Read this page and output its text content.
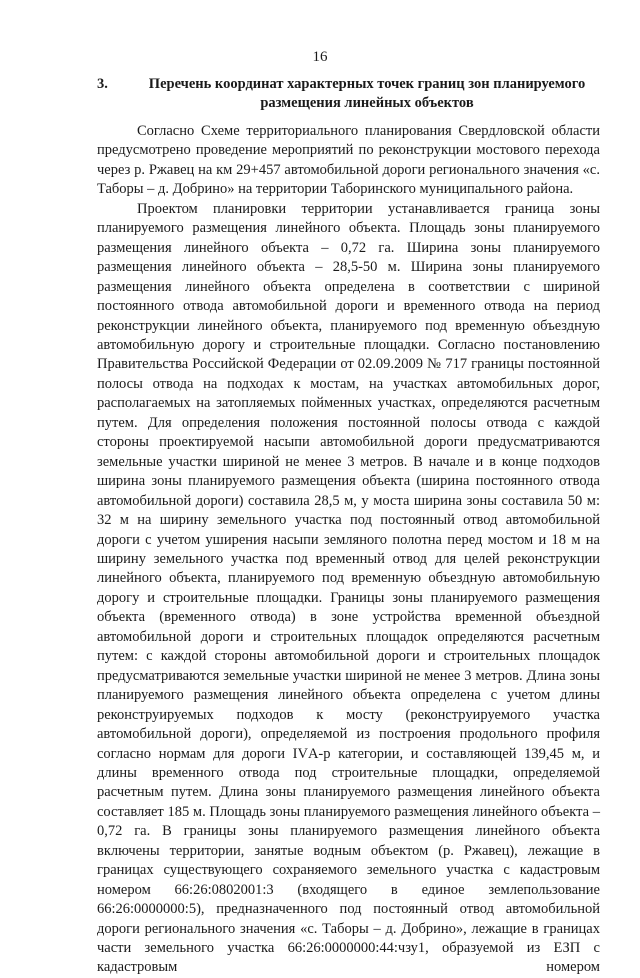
16
3.	Перечень координат характерных точек границ зон планируемого размещения линейных объектов

Согласно Схеме территориального планирования Свердловской области предусмотрено проведение мероприятий по реконструкции мостового перехода через р. Ржавец на км 29+457 автомобильной дороги регионального значения «с. Таборы – д. Добрино» на территории Таборинского муниципального района.

Проектом планировки территории устанавливается граница зоны планируемого размещения линейного объекта. Площадь зоны планируемого размещения линейного объекта – 0,72 га. Ширина зоны планируемого размещения линейного объекта – 28,5-50 м. Ширина зоны планируемого размещения линейного объекта определена в соответствии с шириной постоянного отвода автомобильной дороги и временного отвода на период реконструкции линейного объекта, планируемого под временную объездную автомобильную дорогу и строительные площадки. Согласно постановлению Правительства Российской Федерации от 02.09.2009 № 717 границы постоянной полосы отвода на подходах к мостам, на участках автомобильных дорог, располагаемых на затопляемых пойменных участках, определяются расчетным путем. Для определения положения постоянной полосы отвода с каждой стороны проектируемой насыпи автомобильной дороги предусматриваются земельные участки шириной не менее 3 метров. В начале и в конце подходов ширина зоны планируемого размещения объекта (ширина постоянного отвода автомобильной дороги) составила 28,5 м, у моста ширина зоны составила 50 м: 32 м на ширину земельного участка под постоянный отвод автомобильной дороги с учетом уширения насыпи земляного полотна перед мостом и 18 м на ширину земельного участка под временный отвод для целей реконструкции линейного объекта, планируемого под временную объездную автомобильную дорогу и строительные площадки. Границы зоны планируемого размещения объекта (временного отвода) в зоне устройства временной объездной автомобильной дороги и строительных площадок определяются расчетным путем: с каждой стороны автомобильной дороги и строительных площадок предусматриваются земельные участки шириной не менее 3 метров. Длина зоны планируемого размещения линейного объекта определена с учетом длины реконструируемых подходов к мосту (реконструируемого участка автомобильной дороги), определяемой из построения продольного профиля согласно нормам для дороги IVА-р категории, и составляющей 139,45 м, и длины временного отвода под строительные площадки, определяемой расчетным путем. Длина зоны планируемого размещения линейного объекта составляет 185 м. Площадь зоны планируемого размещения линейного объекта – 0,72 га. В границы зоны планируемого размещения линейного объекта включены территории, занятые водным объектом (р. Ржавец), лежащие в границах существующего сохраняемого земельного участка с кадастровым номером 66:26:0802001:3 (входящего в единое землепользование 66:26:0000000:5), предназначенного под постоянный отвод автомобильной дороги регионального значения «с. Таборы – д. Добрино», лежащие в границах части земельного участка 66:26:0000000:44:чзу1, образуемой из ЕЗП с кадастровым номером
